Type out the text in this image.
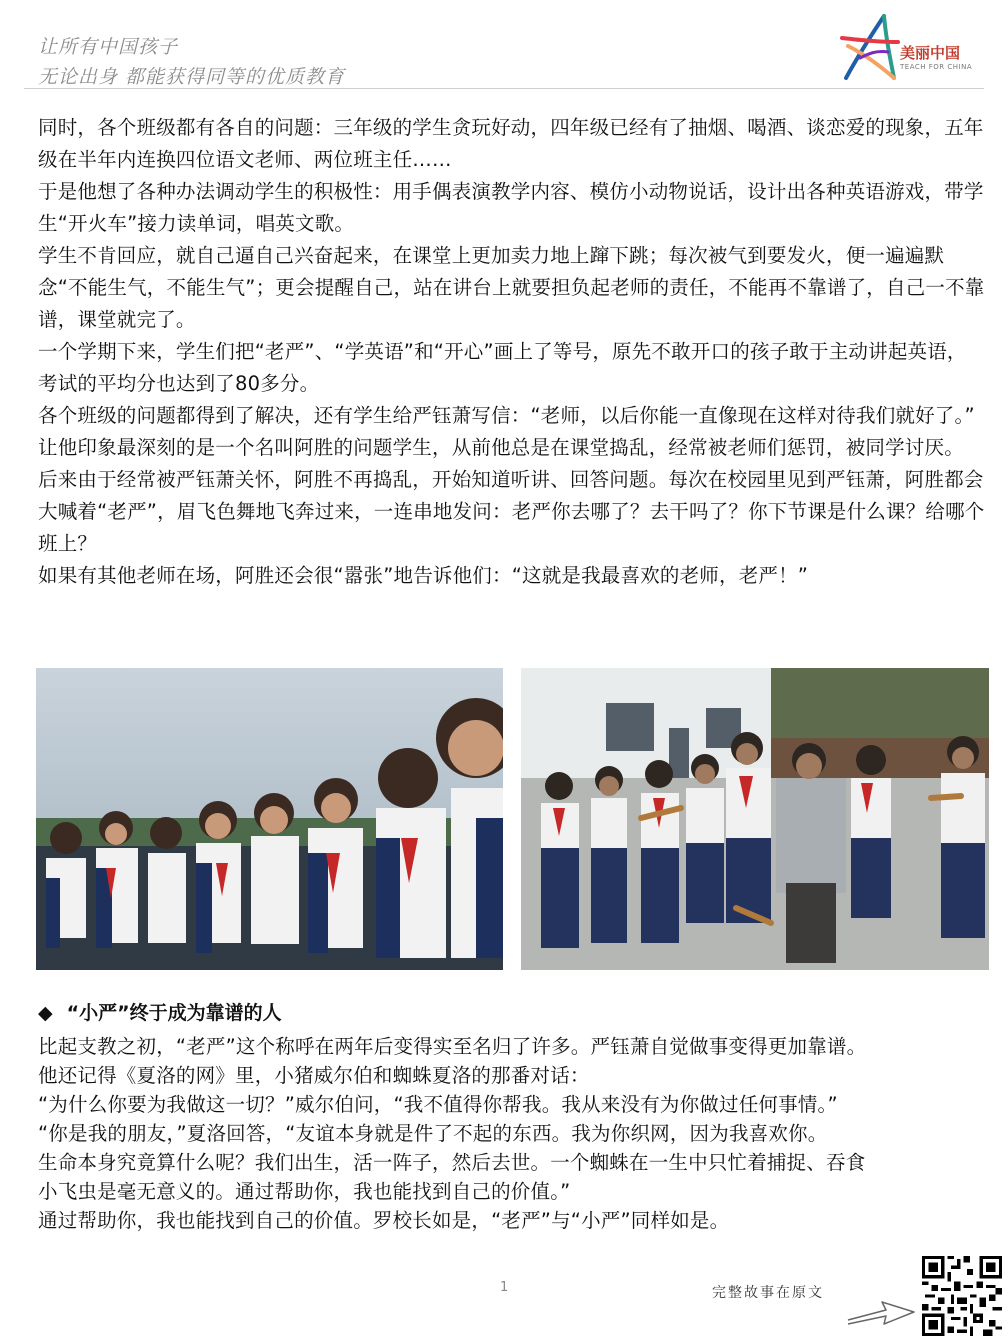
让所有中国孩子
无论出身 都能获得同等的优质教育
美丽中国
TEACH FOR CHINA

同时，各个班级都有各自的问题：三年级的学生贪玩好动，四年级已经有了抽烟、喝酒、谈恋爱的现象，五年级在半年内连换四位语文老师、两位班主任……

于是他想了各种办法调动学生的积极性：用手偶表演教学内容、模仿小动物说话，设计出各种英语游戏，带学生“开火车”接力读单词，唱英文歌。

学生不肯回应，就自己逼自己兴奋起来，在课堂上更加卖力地上蹿下跳；每次被气到要发火，便一遍遍默念“不能生气，不能生气”；更会提醒自己，站在讲台上就要担负起老师的责任，不能再不靠谱了，自己一不靠谱，课堂就完了。

一个学期下来，学生们把“老严”、“学英语”和“开心”画上了等号，原先不敢开口的孩子敢于主动讲起英语，考试的平均分也达到了80多分。

各个班级的问题都得到了解决，还有学生给严钰萧写信：“老师，以后你能一直像现在这样对待我们就好了。”

让他印象最深刻的是一个名叫阿胜的问题学生，从前他总是在课堂捣乱，经常被老师们惩罚，被同学讨厌。

后来由于经常被严钰萧关怀，阿胜不再捣乱，开始知道听讲、回答问题。每次在校园里见到严钰萧，阿胜都会大喊着“老严”，眉飞色舞地飞奔过来，一连串地发问：老严你去哪了？去干吗了？你下节课是什么课？给哪个班上？

如果有其他老师在场，阿胜还会很“嚣张”地告诉他们：“这就是我最喜欢的老师，老严！”

◆ “小严”终于成为靠谱的人

比起支教之初，“老严”这个称呼在两年后变得实至名归了许多。严钰萧自觉做事变得更加靠谱。

他还记得《夏洛的网》里，小猪威尔伯和蜘蛛夏洛的那番对话：

“为什么你要为我做这一切？”威尔伯问，“我不值得你帮我。我从来没有为你做过任何事情。”

“你是我的朋友，”夏洛回答，“友谊本身就是件了不起的东西。我为你织网，因为我喜欢你。

生命本身究竟算什么呢？我们出生，活一阵子，然后去世。一个蜘蛛在一生中只忙着捕捉、吞食

小飞虫是毫无意义的。通过帮助你，我也能找到自己的价值。”

通过帮助你，我也能找到自己的价值。罗校长如是，“老严”与“小严”同样如是。

1	完整故事在原文
